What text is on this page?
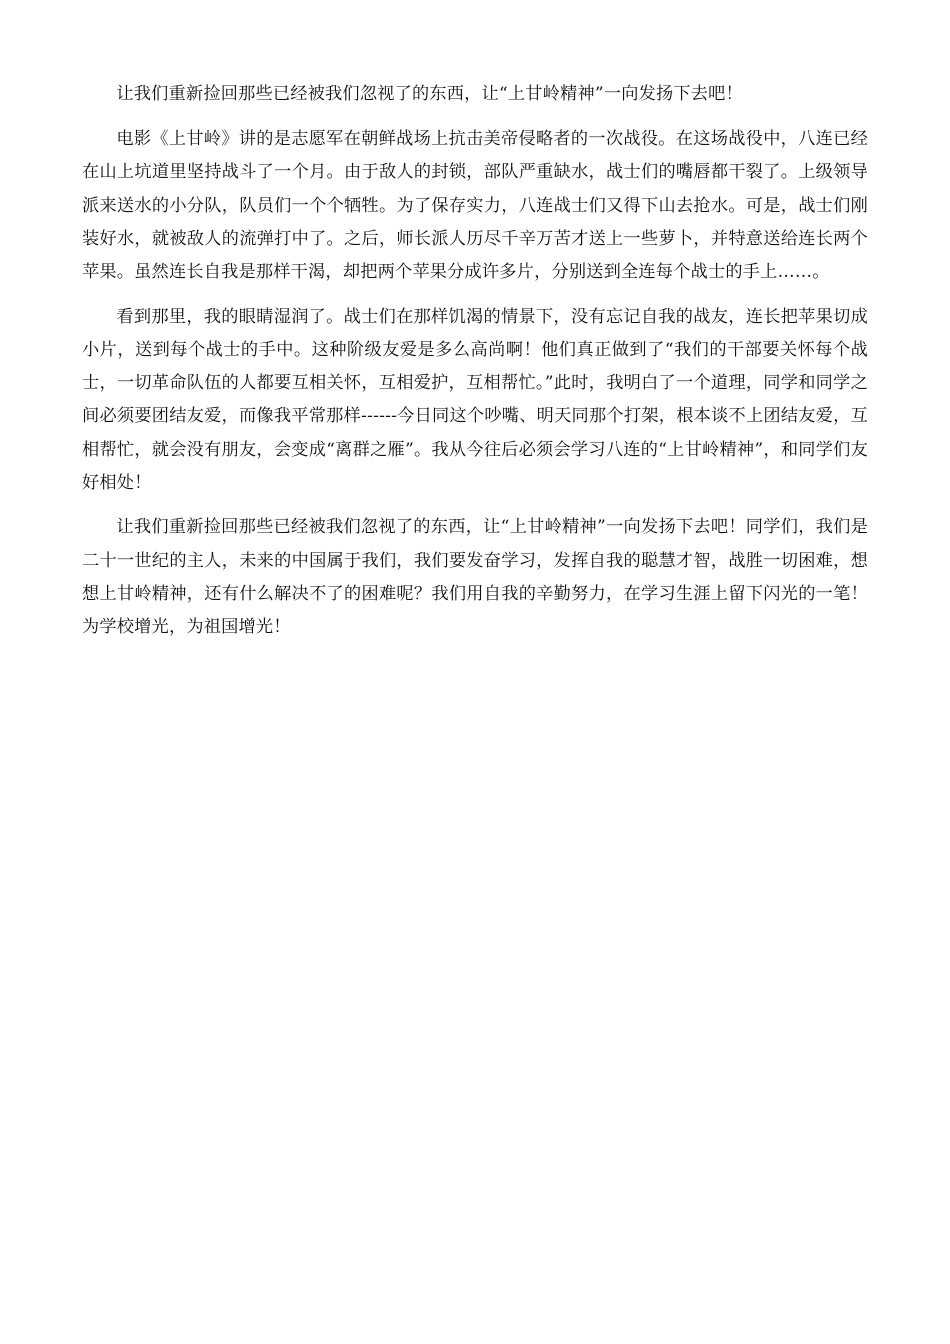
让我们重新捡回那些已经被我们忽视了的东西，让“上甘岭精神”一向发扬下去吧！

电影《上甘岭》讲的是志愿军在朝鲜战场上抗击美帝侵略者的一次战役。在这场战役中，八连已经在山上坑道里坚持战斗了一个月。由于敌人的封锁，部队严重缺水，战士们的嘴唇都干裂了。上级领导派来送水的小分队，队员们一个个牺牲。为了保存实力，八连战士们又得下山去抢水。可是，战士们刚装好水，就被敌人的流弹打中了。之后，师长派人历尽千辛万苦才送上一些萝卜，并特意送给连长两个苹果。虽然连长自我是那样干渴，却把两个苹果分成许多片，分别送到全连每个战士的手上……。

看到那里，我的眼睛湿润了。战士们在那样饥渴的情景下，没有忘记自我的战友，连长把苹果切成小片，送到每个战士的手中。这种阶级友爱是多么高尚啊！他们真正做到了“我们的干部要关怀每个战士，一切革命队伍的人都要互相关怀，互相爱护，互相帮忙。”此时，我明白了一个道理，同学和同学之间必须要团结友爱，而像我平常那样------今日同这个吵嘴、明天同那个打架，根本谈不上团结友爱，互相帮忙，就会没有朋友，会变成“离群之雁”。我从今往后必须会学习八连的“上甘岭精神”，和同学们友好相处！

让我们重新捡回那些已经被我们忽视了的东西，让“上甘岭精神”一向发扬下去吧！同学们，我们是二十一世纪的主人，未来的中国属于我们，我们要发奋学习，发挥自我的聪慧才智，战胜一切困难，想想上甘岭精神，还有什么解决不了的困难呢？我们用自我的辛勤努力，在学习生涯上留下闪光的一笔！为学校增光，为祖国增光！
